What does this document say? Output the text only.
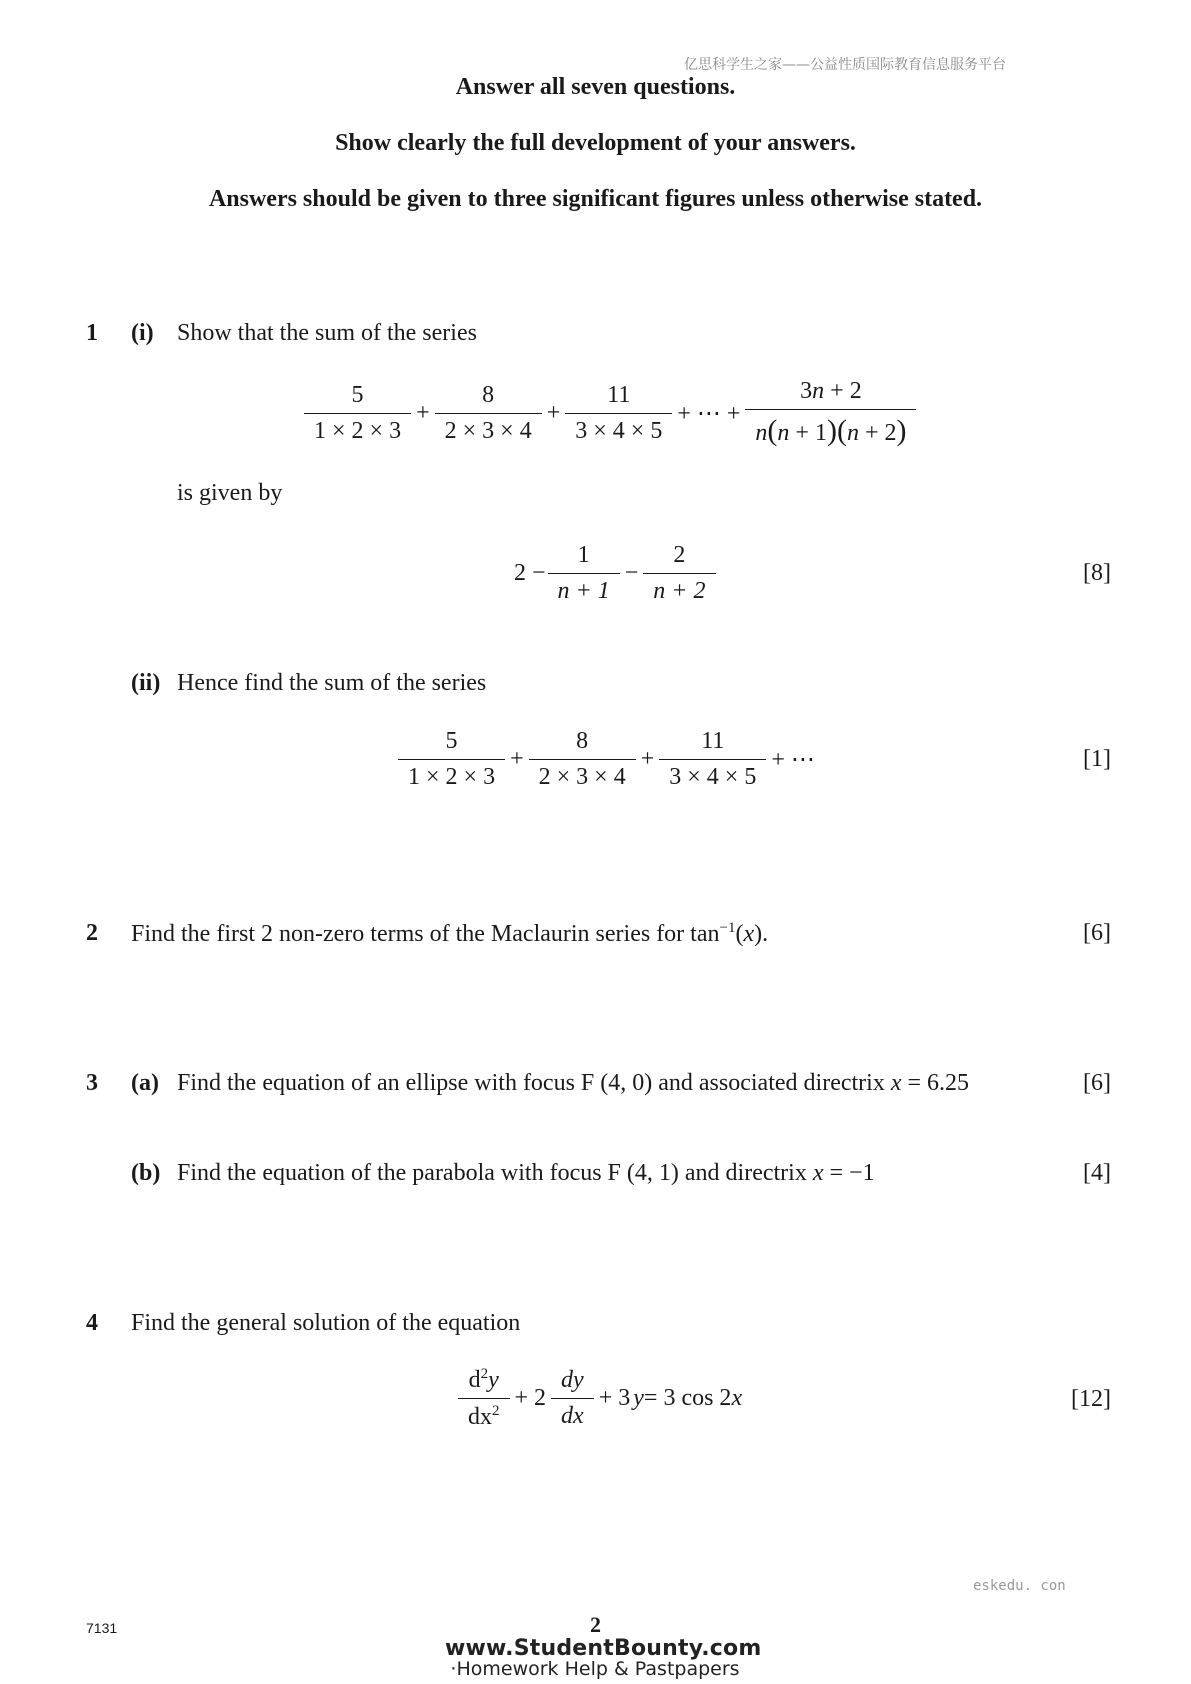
亿思科学生之家——公益性质国际教育信息服务平台
Answer all seven questions.
Show clearly the full development of your answers.
Answers should be given to three significant figures unless otherwise stated.
1 (i) Show that the sum of the series
$\frac{5}{1 \times 2 \times 3} + \frac{8}{2 \times 3 \times 4} + \frac{11}{3 \times 4 \times 5}$ + ⋯ + $\frac{3n + 2}{n(n + 1)(n + 2)}$
is given by
$2 - \frac{1}{n + 1} - \frac{2}{n + 2}$	[8]
(ii) Hence find the sum of the series
$\frac{5}{1 \times 2 \times 3} + \frac{8}{2 \times 3 \times 4} + \frac{11}{3 \times 4 \times 5}$ + ⋯	[1]
2 Find the first 2 non-zero terms of the Maclaurin series for $\tan^{-1}(x)$.	[6]
3 (a) Find the equation of an ellipse with focus F (4, 0) and associated directrix x = 6.25	[6]
(b) Find the equation of the parabola with focus F (4, 1) and directrix x = −1	[4]
4 Find the general solution of the equation
$\frac{d^2y}{dx^2} + 2 \frac{dy}{dx} + 3$ y = 3 cos 2 x	[12]
eskedu. con
7131	2
www.StudentBounty.com
·Homework Help & Pastpapers
